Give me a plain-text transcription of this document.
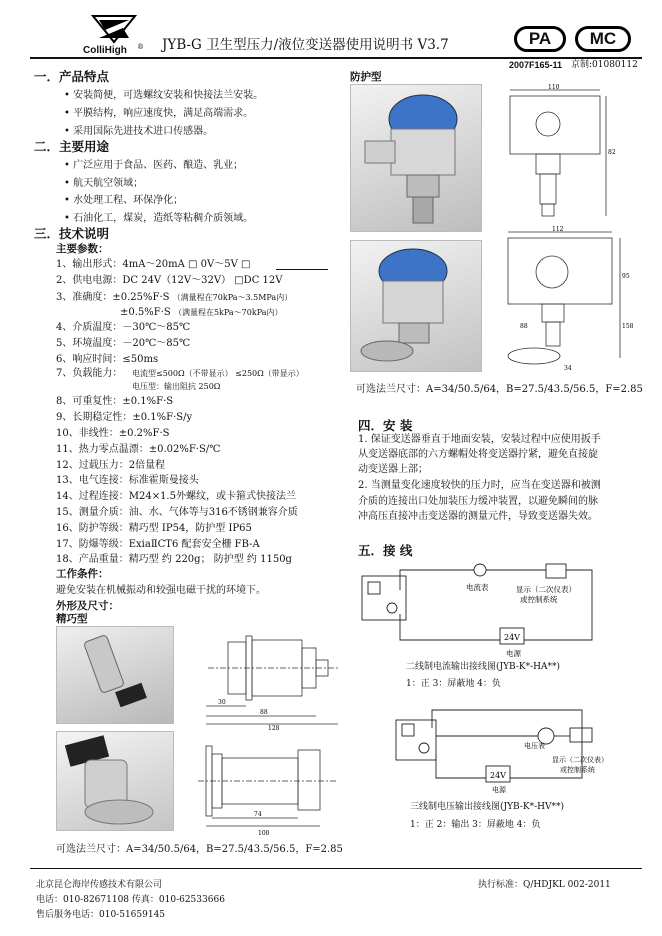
ColliHigh ® JYB-G 卫生型压力/液位变送器使用说明书 V3.7	PA	MC
2007F165-11 京制:01080112
一．产品特点
• 安装简便，可选螺纹安装和快接法兰安装。
• 平膜结构，响应速度快，满足高端需求。
• 采用国际先进技术进口传感器。
二．主要用途
• 广泛应用于食品、医药、酿造、乳业；
• 航天航空领域；
• 水处理工程、环保净化；
• 石油化工，煤炭，造纸等粘稠介质领域。
三．技术说明
主要参数：
1、输出形式：4mA～20mA □ 0V～5V □
2、供电电源：DC 24V（12V～32V） □DC 12V
3、准确度：±0.25%F·S （满量程在70kPa～3.5MPa内）
±0.5%F·S （满量程在5kPa～70kPa内）
4、介质温度：－30℃～85℃
5、环境温度：－20℃～85℃
6、响应时间：≤50ms
7、负载能力： 电流型≤500Ω（不带显示） ≤250Ω（带显示）
电压型：输出阻抗 250Ω
8、可重复性：±0.1%F·S
9、长期稳定性：±0.1%F·S/y
10、非线性：±0.2%F·S
11、热力零点温漂：±0.02%F·S/℃
12、过载压力：2倍量程
13、电气连接：标准霍斯曼接头
14、过程连接：M24×1.5外螺纹，或卡箍式快接法兰
15、测量介质：油、水、气体等与316不锈钢兼容介质
16、防护等级：精巧型 IP54，防护型 IP65
17、防爆等级：ExiaⅡCT6 配套安全栅 FB-A
18、产品重量：精巧型 约 220g； 防护型 约 1150g
工作条件：
避免安装在机械振动和较强电磁干扰的环境下。
外形及尺寸：
精巧型
30
88
128
74
100
可选法兰尺寸：A=34/50.5/64，B=27.5/43.5/56.5，F=2.85
防护型
110
82
112
95
158
34
88
可选法兰尺寸：A=34/50.5/64，B=27.5/43.5/56.5，F=2.85
四．安 装
1. 保证变送器垂直于地面安装，安装过程中应使用扳手
从变送器底部的六方螺帽处将变送器拧紧，避免直接旋
动变送器上部；
2. 当测量变化速度较快的压力时，应当在变送器和被测
介质的连接出口处加装压力缓冲装置，以避免瞬间的脉
冲高压直接冲击变送器的测量元件，导致变送器失效。
五．接 线
电流表	显示（二次仪表）
或控制系统
24V
电源
二线制电流输出接线图(JYB-K*-HA**)
1：正 3：屏蔽地 4：负
电压表
显示（二次仪表）
或控制系统
24V
电源
三线制电压输出接线图(JYB-K*-HV**)
1：正 2：输出 3：屏蔽地 4：负
北京昆仑海岸传感技术有限公司
电话：010-82671108 传真：010-62533666
售后服务电话：010-51659145
执行标准：Q/HDJKL 002-2011
